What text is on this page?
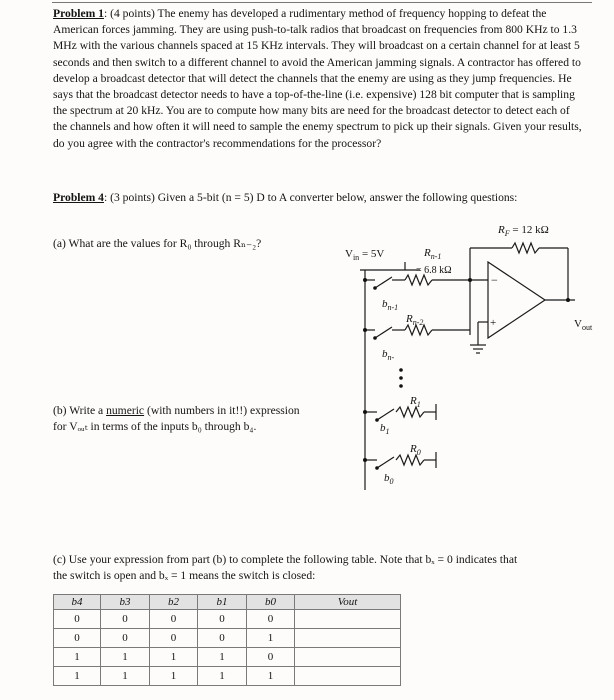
Problem 1: (4 points) The enemy has developed a rudimentary method of frequency hopping to defeat the American forces jamming. They are using push-to-talk radios that broadcast on frequencies from 800 KHz to 1.3 MHz with the various channels spaced at 15 KHz intervals. They will broadcast on a certain channel for at least 5 seconds and then switch to a different channel to avoid the American jamming signals. A contractor has offered to develop a broadcast detector that will detect the channels that the enemy are using as they jump frequencies. He says that the broadcast detector needs to have a top-of-the-line (i.e. expensive) 128 bit computer that is sampling the spectrum at 20 kHz. You are to compute how many bits are need for the broadcast detector to detect each of the channels and how often it will need to sample the enemy spectrum to pick up their signals. Given your results, do you agree with the contractor's recommendations for the processor?
Problem 4: (3 points) Given a 5-bit (n = 5) D to A converter below, answer the following questions:
(a) What are the values for R₀ through Rₙ₋₂?
(b) Write a numeric (with numbers in it!!) expression
for Vₒᵤₜ in terms of the inputs b₀ through b₄.
(c) Use your expression from part (b) to complete the following table. Note that bₓ = 0 indicates that
the switch is open and bₓ = 1 means the switch is closed:
$R_F = 12$ kΩ
$V_{in} = 5V$	$R_{n-1}$
= 6.8 kΩ
$b_{n-1}$
$R_{n-2}$
$b_{n-}$
$R_1$
$b_1$
$R_0$
$b_0$
$V_{out}$
−
+
b4	b3	b2	b1	b0	Vout
0	0	0	0	0	
0	0	0	0	1	
1	1	1	1	0	
1	1	1	1	1	
